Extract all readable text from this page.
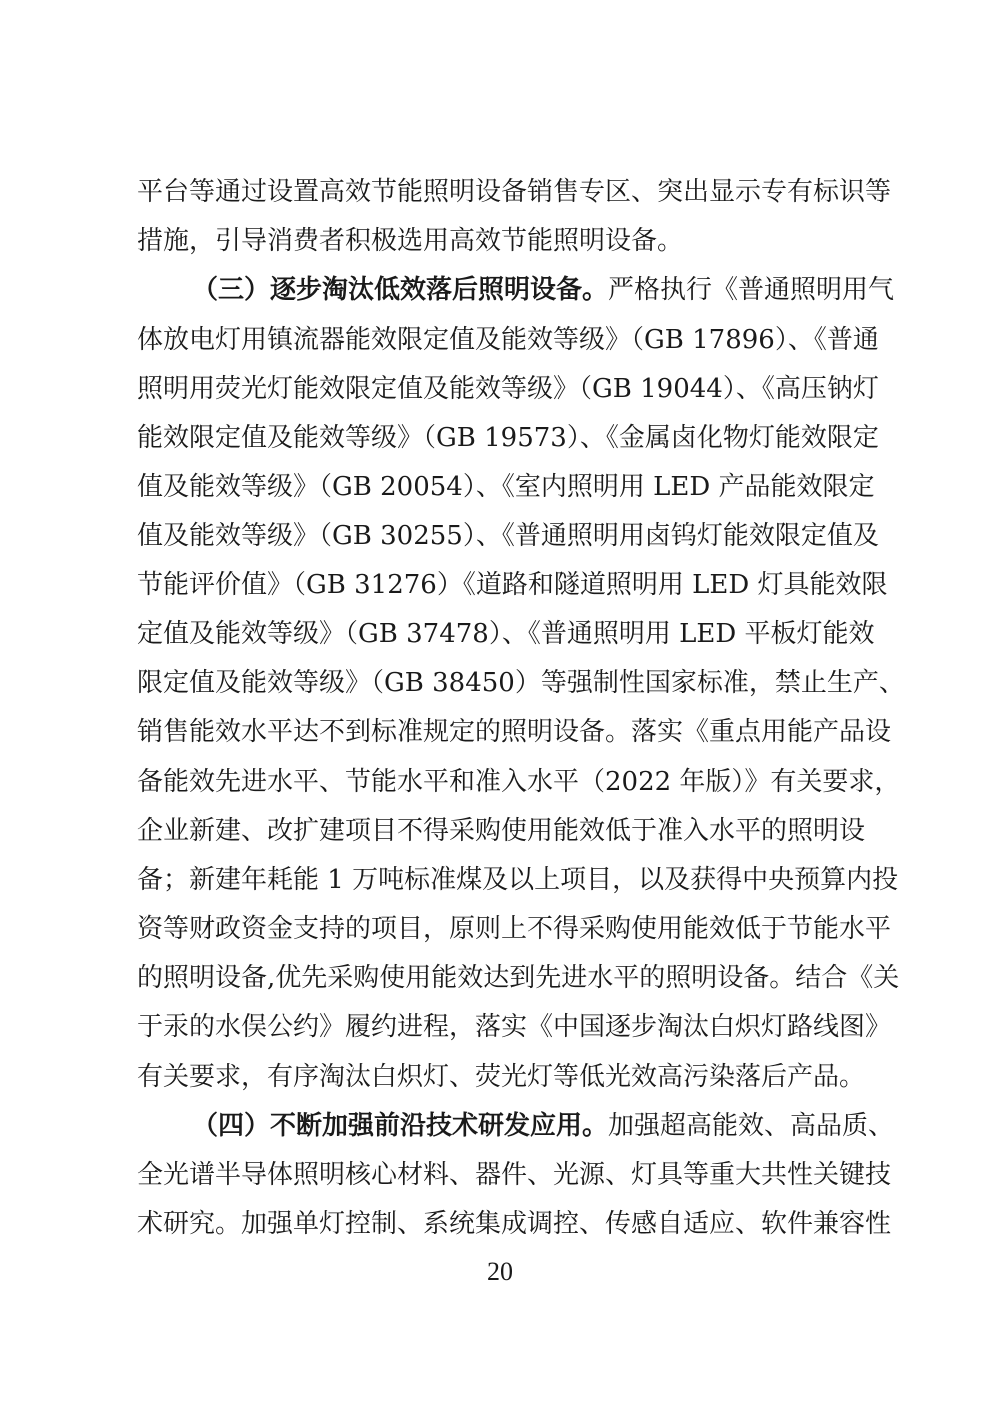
平台等通过设置高效节能照明设备销售专区、突出显示专有标识等
措施，引导消费者积极选用高效节能照明设备。
（三）逐步淘汰低效落后照明设备。严格执行《普通照明用气
体放电灯用镇流器能效限定值及能效等级》（GB 17896）、《普通
照明用荧光灯能效限定值及能效等级》（GB 19044）、《高压钠灯
能效限定值及能效等级》（GB 19573）、《金属卤化物灯能效限定
值及能效等级》（GB 20054）、《室内照明用 LED 产品能效限定
值及能效等级》（GB 30255）、《普通照明用卤钨灯能效限定值及
节能评价值》（GB 31276）《道路和隧道照明用 LED 灯具能效限
定值及能效等级》（GB 37478）、《普通照明用 LED 平板灯能效
限定值及能效等级》（GB 38450）等强制性国家标准，禁止生产、
销售能效水平达不到标准规定的照明设备。落实《重点用能产品设
备能效先进水平、节能水平和准入水平（2022 年版）》有关要求，
企业新建、改扩建项目不得采购使用能效低于准入水平的照明设
备；新建年耗能 1 万吨标准煤及以上项目，以及获得中央预算内投
资等财政资金支持的项目，原则上不得采购使用能效低于节能水平
的照明设备,优先采购使用能效达到先进水平的照明设备。结合《关
于汞的水俣公约》履约进程，落实《中国逐步淘汰白炽灯路线图》
有关要求，有序淘汰白炽灯、荧光灯等低光效高污染落后产品。
（四）不断加强前沿技术研发应用。加强超高能效、高品质、
全光谱半导体照明核心材料、器件、光源、灯具等重大共性关键技
术研究。加强单灯控制、系统集成调控、传感自适应、软件兼容性
20
